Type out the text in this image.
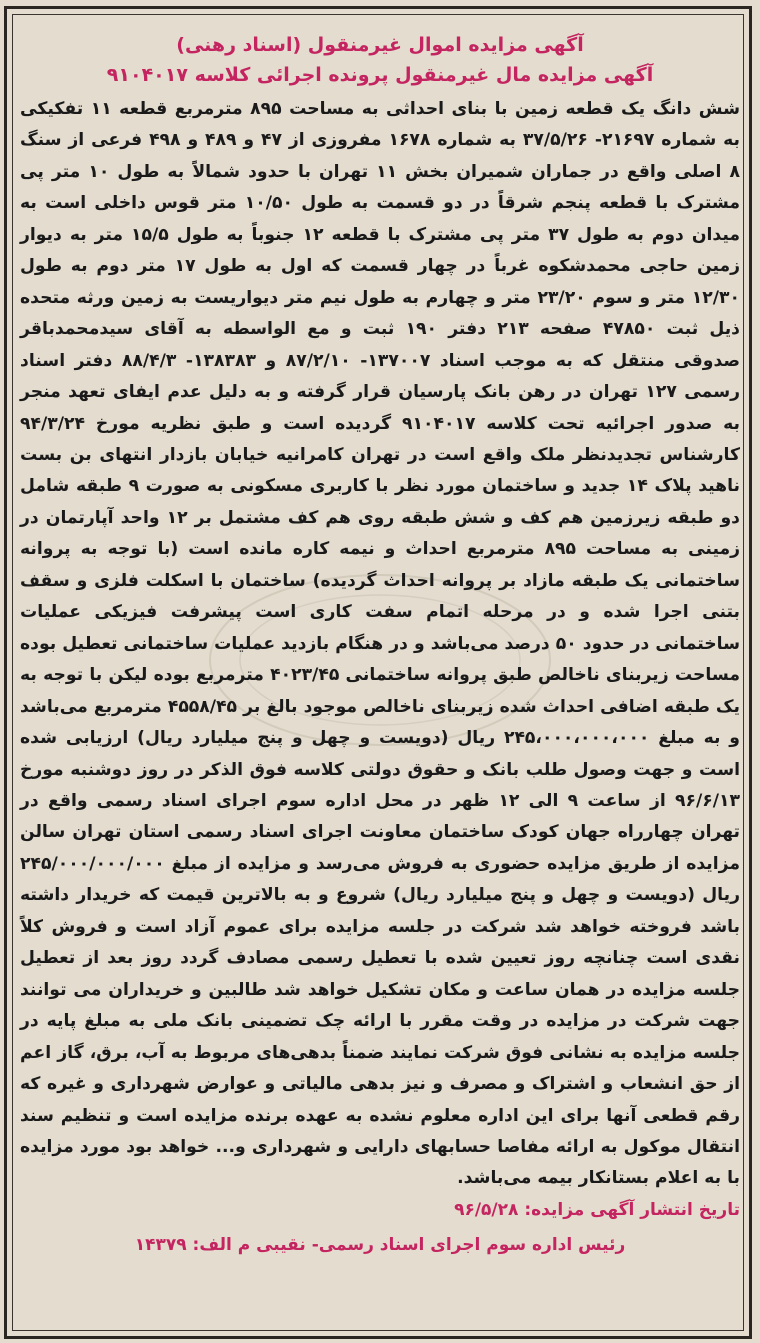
آگهی مزایده اموال غیرمنقول (اسناد رهنی)
آگهی مزایده مال غیرمنقول پرونده اجرائی کلاسه ۹۱۰۴۰۱۷

شش دانگ یک قطعه زمین با بنای احداثی به مساحت ۸۹۵ مترمربع قطعه ۱۱ تفکیکی به شماره ۲۱۶۹۷- ۳۷/۵/۲۶ به شماره ۱۶۷۸ مفروزی از ۴۷ و ۴۸۹ و ۴۹۸ فرعی از سنگ ۸ اصلی واقع در جماران شمیران بخش ۱۱ تهران با حدود شمالاً به طول ۱۰ متر پی مشترک با قطعه پنجم شرقاً در دو قسمت به طول ۱۰/۵۰ متر قوس داخلی است به میدان دوم به طول ۳۷ متر پی مشترک با قطعه ۱۲ جنوباً به طول ۱۵/۵ متر به دیوار زمین حاجی محمدشکوه غرباً در چهار قسمت که اول به طول ۱۷ متر دوم به طول ۱۲/۳۰ متر و سوم ۲۳/۲۰ متر و چهارم به طول نیم متر دیواریست به زمین ورثه متحده ذیل ثبت ۴۷۸۵۰ صفحه ۲۱۳ دفتر ۱۹۰ ثبت و مع الواسطه به آقای سیدمحمدباقر صدوقی منتقل که به موجب اسناد ۱۳۷۰۰۷- ۸۷/۲/۱۰ و ۱۳۸۳۸۳- ۸۸/۴/۳ دفتر اسناد رسمی ۱۲۷ تهران در رهن بانک پارسیان قرار گرفته و به دلیل عدم ایفای تعهد منجر به صدور اجرائیه تحت کلاسه ۹۱۰۴۰۱۷ گردیده است و طبق نظریه مورخ ۹۴/۳/۲۴ کارشناس تجدیدنظر ملک واقع است در تهران کامرانیه خیابان بازدار انتهای بن بست ناهید پلاک ۱۴ جدید و ساختمان مورد نظر با کاربری مسکونی به صورت ۹ طبقه شامل دو طبقه زیرزمین هم کف و شش طبقه روی هم کف مشتمل بر ۱۲ واحد آپارتمان در زمینی به مساحت ۸۹۵ مترمربع احداث و نیمه کاره مانده است (با توجه به پروانه ساختمانی یک طبقه مازاد بر پروانه احداث گردیده) ساختمان با اسکلت فلزی و سقف بتنی اجرا شده و در مرحله اتمام سفت کاری است پیشرفت فیزیکی عملیات ساختمانی در حدود ۵۰ درصد می‌باشد و در هنگام بازدید عملیات ساختمانی تعطیل بوده مساحت زیربنای ناخالص طبق پروانه ساختمانی ۴۰۲۳/۴۵ مترمربع بوده لیکن با توجه به یک طبقه اضافی احداث شده زیربنای ناخالص موجود بالغ بر ۴۵۵۸/۴۵ مترمربع می‌باشد و به مبلغ ۲۴۵،۰۰۰،۰۰۰،۰۰۰ ریال (دویست و چهل و پنج میلیارد ریال) ارزیابی شده است و جهت وصول طلب بانک و حقوق دولتی کلاسه فوق الذکر در روز دوشنبه مورخ ۹۶/۶/۱۳ از ساعت ۹ الی ۱۲ ظهر در محل اداره سوم اجرای اسناد رسمی واقع در تهران چهارراه جهان کودک ساختمان معاونت اجرای اسناد رسمی استان تهران سالن مزایده از طریق مزایده حضوری به فروش می‌رسد و مزایده از مبلغ ۲۴۵/۰۰۰/۰۰۰/۰۰۰ ریال (دویست و چهل و پنج میلیارد ریال) شروع و به بالاترین قیمت که خریدار داشته باشد فروخته خواهد شد شرکت در جلسه مزایده برای عموم آزاد است و فروش کلاً نقدی است چنانچه روز تعیین شده با تعطیل رسمی مصادف گردد روز بعد از تعطیل جلسه مزایده در همان ساعت و مکان تشکیل خواهد شد طالبین و خریداران می توانند جهت شرکت در مزایده در وقت مقرر با ارائه چک تضمینی بانک ملی به مبلغ پایه در جلسه مزایده به نشانی فوق شرکت نمایند ضمناً بدهی‌های مربوط به آب، برق، گاز اعم از حق انشعاب و اشتراک و مصرف و نیز بدهی مالیاتی و عوارض شهرداری و غیره که رقم قطعی آنها برای این اداره معلوم نشده به عهده برنده مزایده است و تنظیم سند انتقال موکول به ارائه مفاصا حسابهای دارایی و شهرداری و... خواهد بود مورد مزایده با به اعلام بستانکار بیمه می‌باشد.

تاریخ انتشار آگهی مزایده: ۹۶/۵/۲۸
رئیس اداره سوم اجرای اسناد رسمی- نقیبی م الف: ۱۴۳۷۹
